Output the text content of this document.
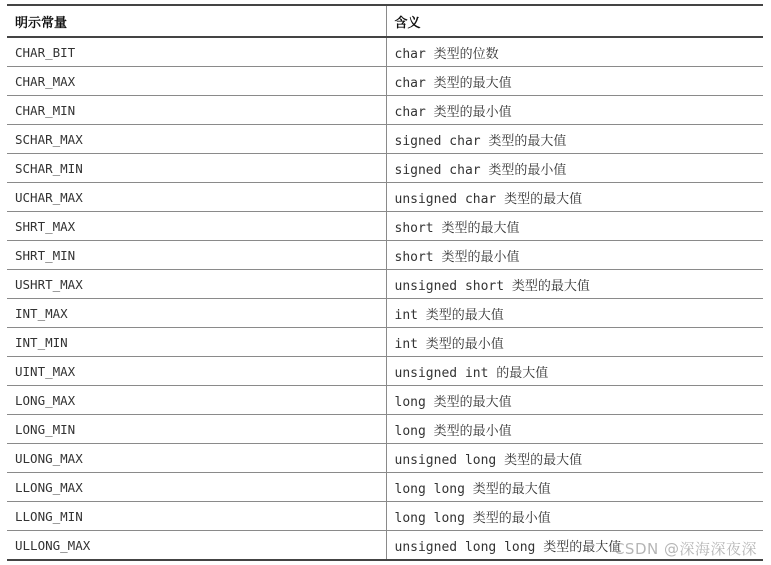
明示常量	含义
CHAR_BIT	char 类型的位数
CHAR_MAX	char 类型的最大值
CHAR_MIN	char 类型的最小值
SCHAR_MAX	signed char 类型的最大值
SCHAR_MIN	signed char 类型的最小值
UCHAR_MAX	unsigned char 类型的最大值
SHRT_MAX	short 类型的最大值
SHRT_MIN	short 类型的最小值
USHRT_MAX	unsigned short 类型的最大值
INT_MAX	int 类型的最大值
INT_MIN	int 类型的最小值
UINT_MAX	unsigned int 的最大值
LONG_MAX	long 类型的最大值
LONG_MIN	long 类型的最小值
ULONG_MAX	unsigned long 类型的最大值
LLONG_MAX	long long 类型的最大值
LLONG_MIN	long long 类型的最小值
ULLONG_MAX	unsigned long long 类型的最大值
CSDN @深海深夜深
